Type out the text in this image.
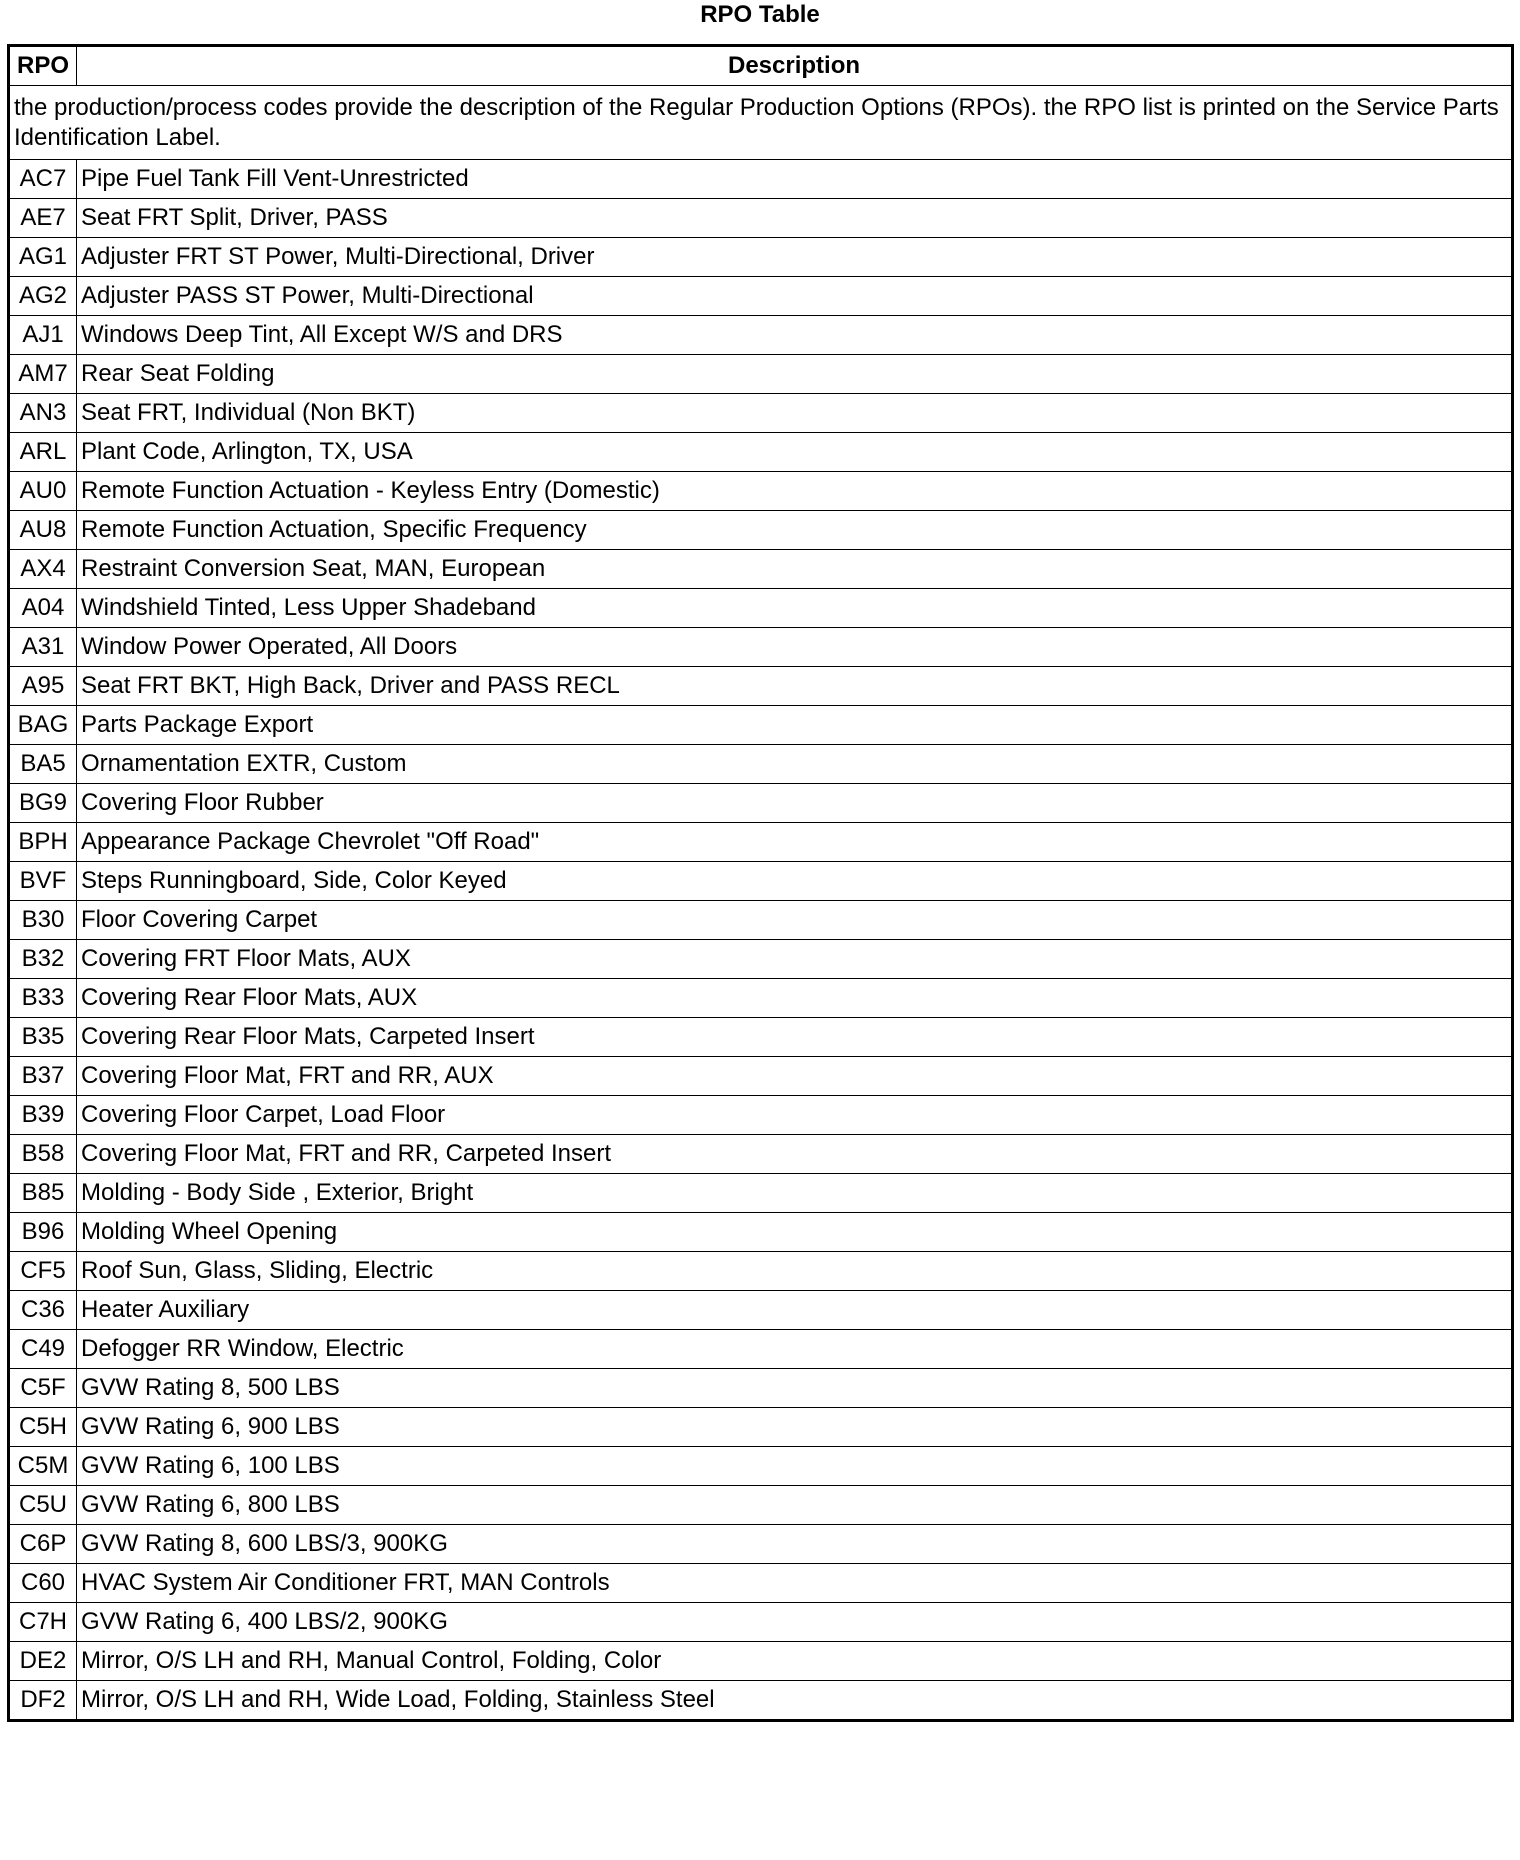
RPO Table
RPO	Description
the production/process codes provide the description of the Regular Production Options (RPOs). the RPO list is printed on the Service Parts Identification Label.	
AC7	Pipe Fuel Tank Fill Vent-Unrestricted
AE7	Seat FRT Split, Driver, PASS
AG1	Adjuster FRT ST Power, Multi-Directional, Driver
AG2	Adjuster PASS ST Power, Multi-Directional
AJ1	Windows Deep Tint, All Except W/S and DRS
AM7	Rear Seat Folding
AN3	Seat FRT, Individual (Non BKT)
ARL	Plant Code, Arlington, TX, USA
AU0	Remote Function Actuation - Keyless Entry (Domestic)
AU8	Remote Function Actuation, Specific Frequency
AX4	Restraint Conversion Seat, MAN, European
A04	Windshield Tinted, Less Upper Shadeband
A31	Window Power Operated, All Doors
A95	Seat FRT BKT, High Back, Driver and PASS RECL
BAG	Parts Package Export
BA5	Ornamentation EXTR, Custom
BG9	Covering Floor Rubber
BPH	Appearance Package Chevrolet "Off Road"
BVF	Steps Runningboard, Side, Color Keyed
B30	Floor Covering Carpet
B32	Covering FRT Floor Mats, AUX
B33	Covering Rear Floor Mats, AUX
B35	Covering Rear Floor Mats, Carpeted Insert
B37	Covering Floor Mat, FRT and RR, AUX
B39	Covering Floor Carpet, Load Floor
B58	Covering Floor Mat, FRT and RR, Carpeted Insert
B85	Molding - Body Side , Exterior, Bright
B96	Molding Wheel Opening
CF5	Roof Sun, Glass, Sliding, Electric
C36	Heater Auxiliary
C49	Defogger RR Window, Electric
C5F	GVW Rating 8, 500 LBS
C5H	GVW Rating 6, 900 LBS
C5M	GVW Rating 6, 100 LBS
C5U	GVW Rating 6, 800 LBS
C6P	GVW Rating 8, 600 LBS/3, 900KG
C60	HVAC System Air Conditioner FRT, MAN Controls
C7H	GVW Rating 6, 400 LBS/2, 900KG
DE2	Mirror, O/S LH and RH, Manual Control, Folding, Color
DF2	Mirror, O/S LH and RH, Wide Load, Folding, Stainless Steel
